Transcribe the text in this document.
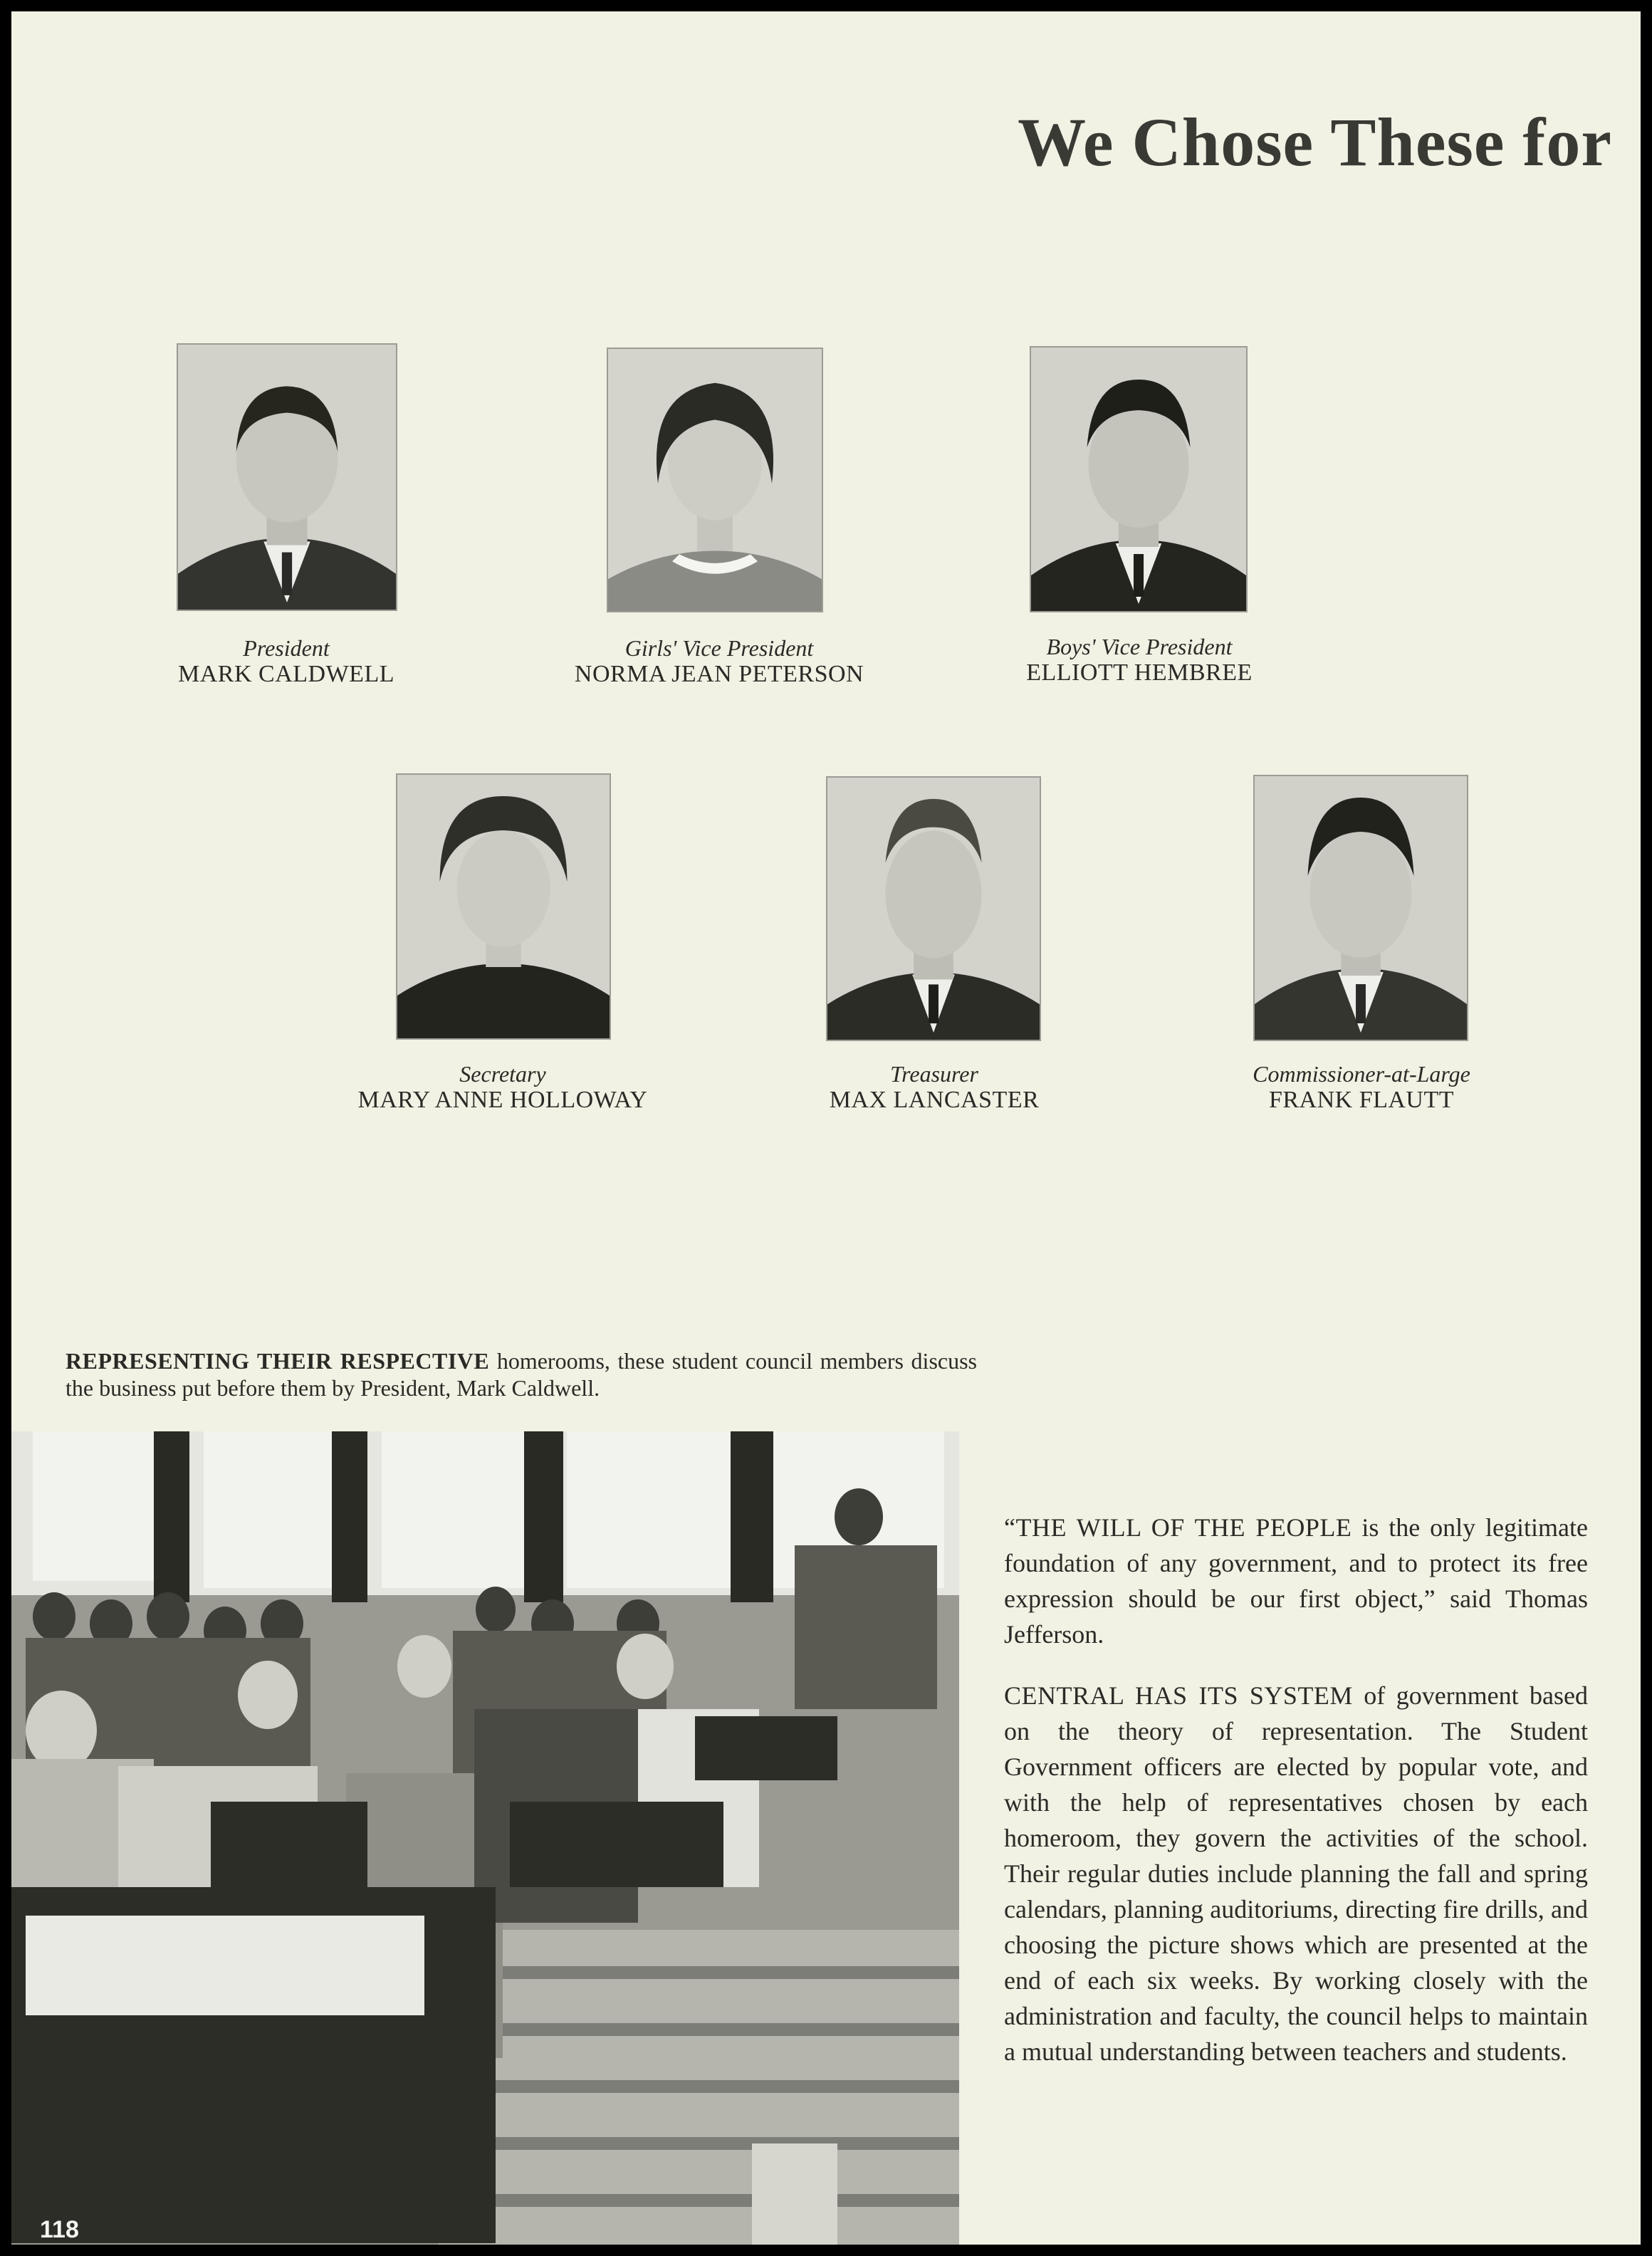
We Chose These for
President
MARK CALDWELL
Girls' Vice President
NORMA JEAN PETERSON
Boys' Vice President
ELLIOTT HEMBREE
Secretary
MARY ANNE HOLLOWAY
Treasurer
MAX LANCASTER
Commissioner-at-Large
FRANK FLAUTT
REPRESENTING THEIR RESPECTIVE homerooms, these student council members discuss the business put before them by President, Mark Caldwell.
“THE WILL OF THE PEOPLE is the only legitimate foundation of any government, and to protect its free expression should be our first object,” said Thomas Jefferson.
CENTRAL HAS ITS SYSTEM of government based on the theory of representation. The Student Government officers are elected by popular vote, and with the help of representatives chosen by each homeroom, they govern the activities of the school. Their regular duties include planning the fall and spring calendars, planning auditoriums, directing fire drills, and choosing the picture shows which are presented at the end of each six weeks. By working closely with the administration and faculty, the council helps to maintain a mutual understanding between teachers and students.
118
